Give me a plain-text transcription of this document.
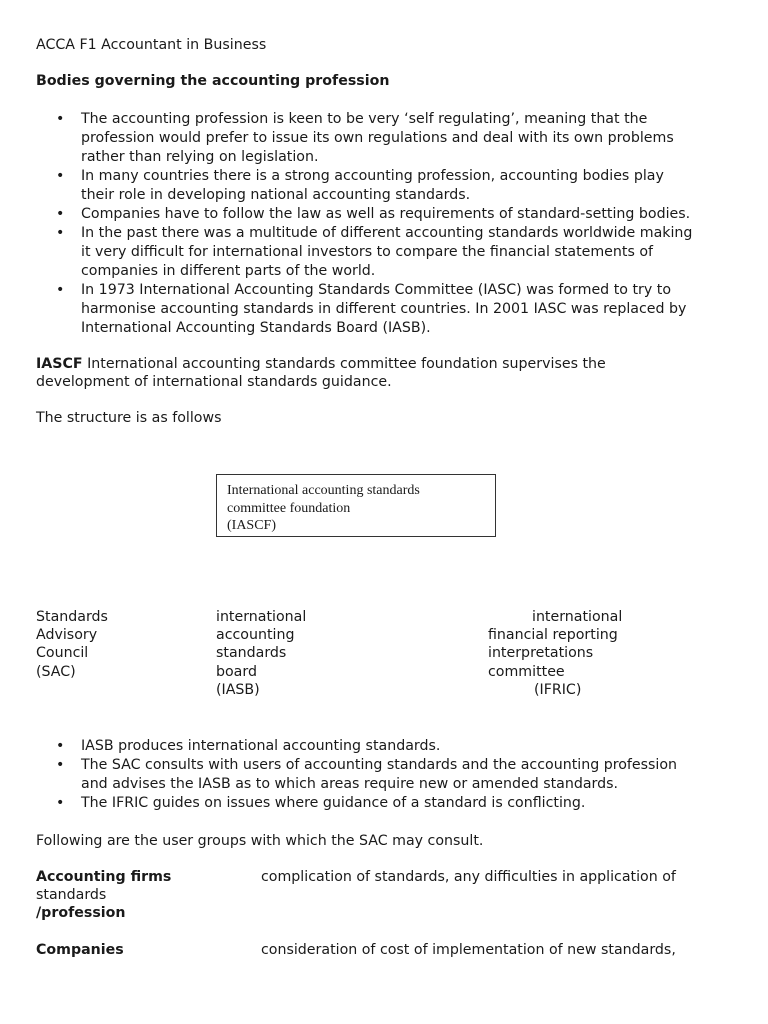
ACCA F1 Accountant in Business
Bodies governing the accounting profession
• The accounting profession is keen to be very ‘self regulating’, meaning that the
profession would prefer to issue its own regulations and deal with its own problems
rather than relying on legislation.
• In many countries there is a strong accounting profession, accounting bodies play
their role in developing national accounting standards.
• Companies have to follow the law as well as requirements of standard-setting bodies.
• In the past there was a multitude of different accounting standards worldwide making
it very difficult for international investors to compare the financial statements of
companies in different parts of the world.
• In 1973 International Accounting Standards Committee (IASC) was formed to try to
harmonise accounting standards in different countries. In 2001 IASC was replaced by
International Accounting Standards Board (IASB).
IASCF International accounting standards committee foundation supervises the
development of international standards guidance.
The structure is as follows
International accounting standards
committee foundation
(IASCF)
Standards
Advisory
Council
(SAC)
international
accounting
standards
board
(IASB)
international
financial reporting
interpretations
committee
(IFRIC)
• IASB produces international accounting standards.
• The SAC consults with users of accounting standards and the accounting profession
and advises the IASB as to which areas require new or amended standards.
• The IFRIC guides on issues where guidance of a standard is conflicting.
Following are the user groups with which the SAC may consult.
Accounting firms	complication of standards, any difficulties in application of
standards
/profession
Companies	consideration of cost of implementation of new standards,
